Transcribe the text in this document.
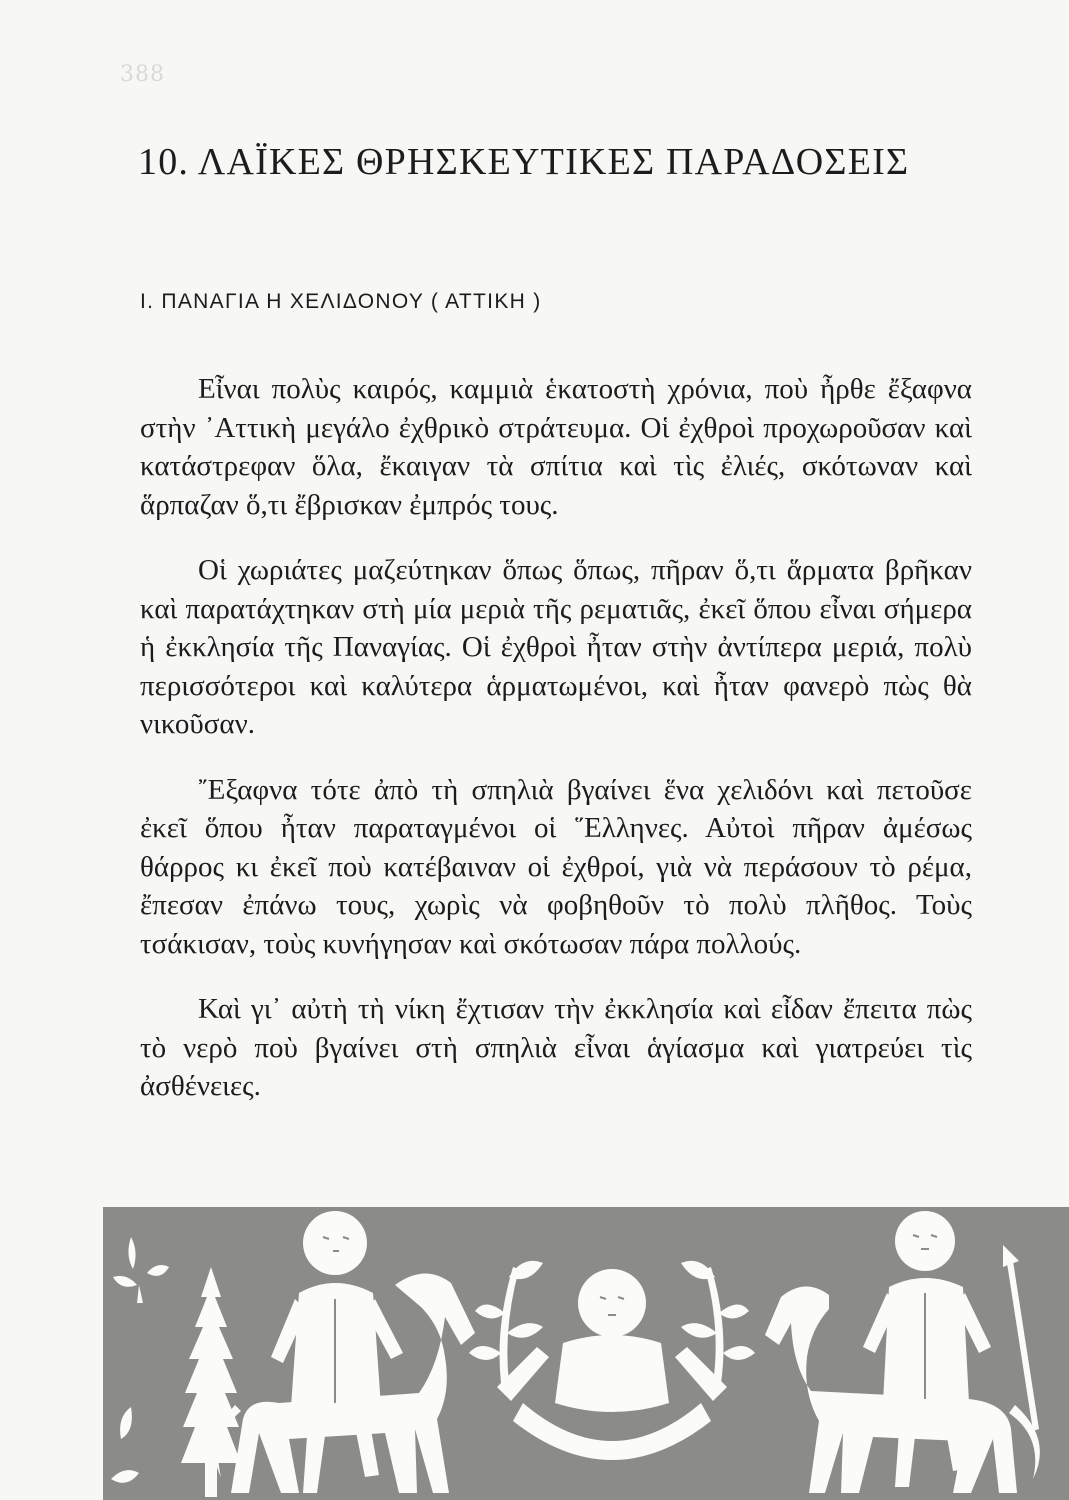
388
10. ΛΑΪΚΕΣ ΘΡΗΣΚΕΥΤΙΚΕΣ ΠΑΡΑΔΟΣΕΙΣ
Ι. ΠΑΝΑΓΙΑ Η ΧΕΛΙΔΟΝΟΥ ( ΑΤΤΙΚΗ )

Εἶναι πολὺς καιρός, καμμιὰ ἑκατοστὴ χρόνια, ποὺ ἦρθε ἔξαφνα στὴν ᾿Αττικὴ μεγάλο ἐχθρικὸ στράτευμα. Οἱ ἐχθροὶ προχωροῦσαν καὶ κατάστρεφαν ὅλα, ἔκαιγαν τὰ σπίτια καὶ τὶς ἐλιές, σκότωναν καὶ ἅρπαζαν ὅ,τι ἔβρισκαν ἐμπρός τους.

Οἱ χωριάτες μαζεύτηκαν ὅπως ὅπως, πῆραν ὅ,τι ἅρματα βρῆκαν καὶ παρατάχτηκαν στὴ μία μεριὰ τῆς ρεματιᾶς, ἐκεῖ ὅπου εἶναι σήμερα ἡ ἐκκλησία τῆς Παναγίας. Οἱ ἐχθροὶ ἦταν στὴν ἀντίπερα μεριά, πολὺ περισσότεροι καὶ καλύτερα ἁρματωμένοι, καὶ ἦταν φανερὸ πὼς θὰ νικοῦσαν.

῎Εξαφνα τότε ἀπὸ τὴ σπηλιὰ βγαίνει ἕνα χελιδόνι καὶ πετοῦσε ἐκεῖ ὅπου ἦταν παραταγμένοι οἱ ῞Ελληνες. Αὐτοὶ πῆραν ἀμέσως θάρρος κι ἐκεῖ ποὺ κατέβαιναν οἱ ἐχθροί, γιὰ νὰ περάσουν τὸ ρέμα, ἔπεσαν ἐπάνω τους, χωρὶς νὰ φοβηθοῦν τὸ πολὺ πλῆθος. Τοὺς τσάκισαν, τοὺς κυνήγησαν καὶ σκότωσαν πάρα πολλούς.

Καὶ γι᾿ αὐτὴ τὴ νίκη ἔχτισαν τὴν ἐκκλησία καὶ εἶδαν ἔπειτα πὼς τὸ νερὸ ποὺ βγαίνει στὴ σπηλιὰ εἶναι ἁγίασμα καὶ γιατρεύει τὶς ἀσθένειες.
